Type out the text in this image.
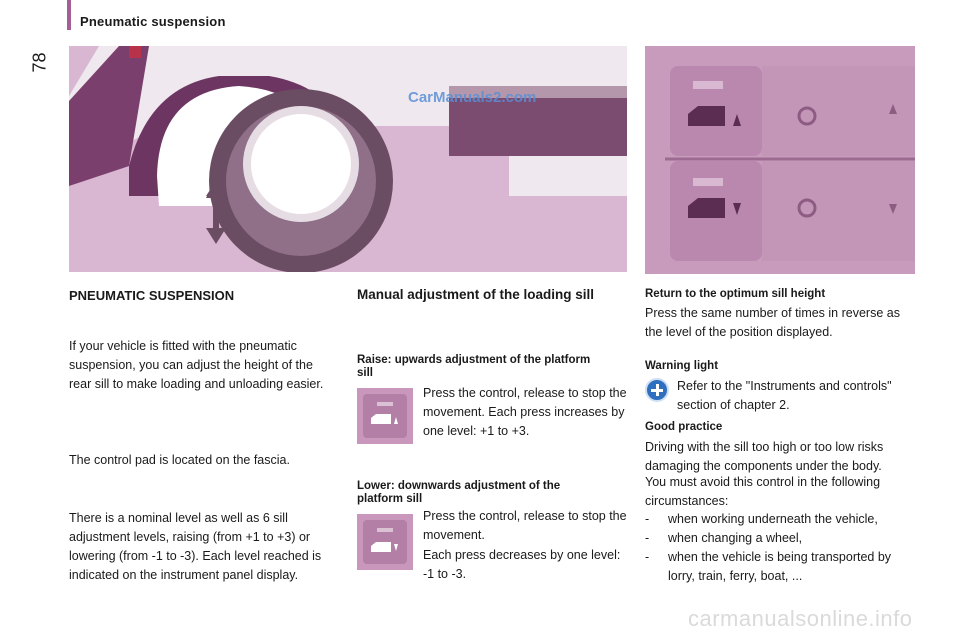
Pneumatic suspension
78
CarManuals2.com
PNEUMATIC SUSPENSION
If your vehicle is fitted with the pneumatic suspension, you can adjust the height of the rear sill to make loading and unloading easier.
The control pad is located on the fascia.
There is a nominal level as well as 6 sill adjustment levels, raising (from +1 to +3) or lowering (from -1 to -3). Each level reached is indicated on the instrument panel display.
Manual adjustment of the loading sill
Raise: upwards adjustment of the platform sill
Press the control, release to stop the movement. Each press increases by one level: +1 to +3.
Lower: downwards adjustment of the platform sill
Press the control, release to stop the movement.
Each press decreases by one level: -1 to -3.
Return to the optimum sill height
Press the same number of times in reverse as the level of the position displayed.
Warning light
Refer to the "Instruments and controls" section of chapter 2.
Good practice
Driving with the sill too high or too low risks damaging the components under the body.
You must avoid this control in the following circumstances:
-	when working underneath the vehicle,
-	when changing a wheel,
-	when the vehicle is being transported by lorry, train, ferry, boat, ...
carmanualsonline.info
